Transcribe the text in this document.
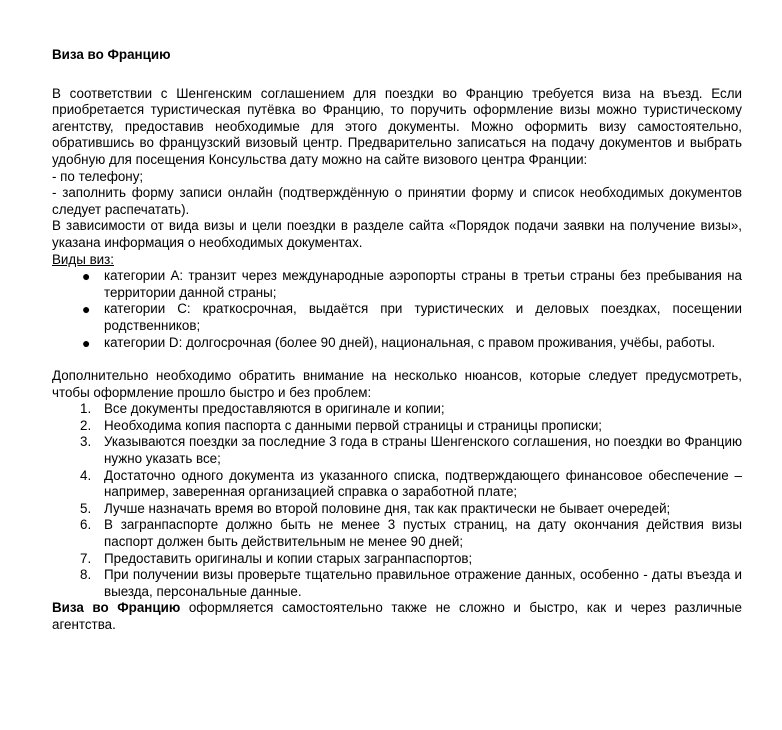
Виза во Францию

В соответствии с Шенгенским соглашением для поездки во Францию требуется виза на въезд. Если приобретается туристическая путёвка во Францию, то поручить оформление визы можно туристическому агентству, предоставив необходимые для этого документы. Можно оформить визу самостоятельно, обратившись во французский визовый центр. Предварительно записаться на подачу документов и выбрать удобную для посещения Консульства дату можно на сайте визового центра Франции:

- по телефону;

- заполнить форму записи онлайн (подтверждённую о принятии форму и список необходимых документов следует распечатать).

В зависимости от вида визы и цели поездки в разделе сайта «Порядок подачи заявки на получение визы», указана информация о необходимых документах.

Виды виз:

● категории А: транзит через международные аэропорты страны в третьи страны без пребывания на территории данной страны;
● категории С: краткосрочная, выдаётся при туристических и деловых поездках, посещении родственников;
● категории D: долгосрочная (более 90 дней), национальная, с правом проживания, учёбы, работы.

Дополнительно необходимо обратить внимание на несколько нюансов, которые следует предусмотреть, чтобы оформление прошло быстро и без проблем:

1. Все документы предоставляются в оригинале и копии;
2. Необходима копия паспорта с данными первой страницы и страницы прописки;
3. Указываются поездки за последние 3 года в страны Шенгенского соглашения, но поездки во Францию нужно указать все;
4. Достаточно одного документа из указанного списка, подтверждающего финансовое обеспечение – например, заверенная организацией справка о заработной плате;
5. Лучше назначать время во второй половине дня, так как практически не бывает очередей;
6. В загранпаспорте должно быть не менее 3 пустых страниц, на дату окончания действия визы паспорт должен быть действительным не менее 90 дней;
7. Предоставить оригиналы и копии старых загранпаспортов;
8. При получении визы проверьте тщательно правильное отражение данных, особенно - даты въезда и выезда, персональные данные.

Виза во Францию оформляется самостоятельно также не сложно и быстро, как и через различные агентства.
